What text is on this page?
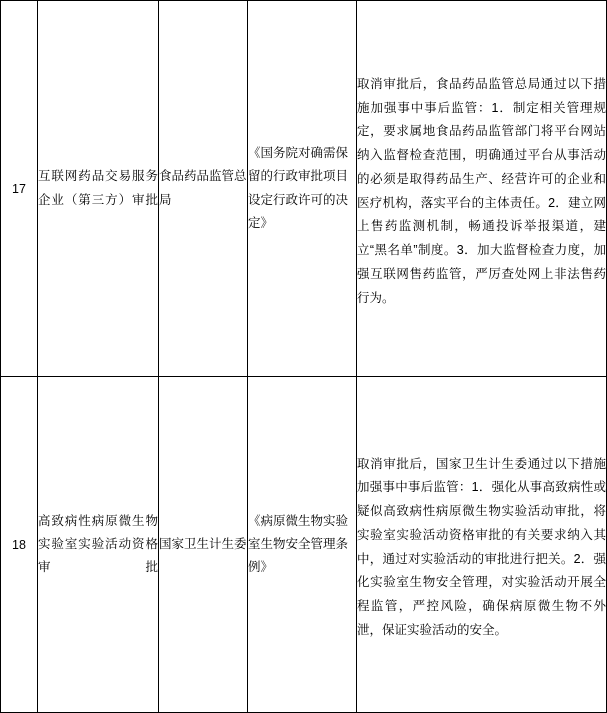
17	互联网药品交易服务企业（第三方）审批	食品药品监管总局	《国务院对确需保留的行政审批项目设定行政许可的决定》	取消审批后，食品药品监管总局通过以下措施加强事中事后监管：1．制定相关管理规定，要求属地食品药品监管部门将平台网站纳入监督检查范围，明确通过平台从事活动的必须是取得药品生产、经营许可的企业和医疗机构，落实平台的主体责任。2．建立网上售药监测机制，畅通投诉举报渠道，建立“黑名单”制度。3．加大监督检查力度，加强互联网售药监管，严厉查处网上非法售药行为。

18	高致病性病原微生物实验室实验活动资格审批	国家卫生计生委	《病原微生物实验室生物安全管理条例》	取消审批后，国家卫生计生委通过以下措施加强事中事后监管：1．强化从事高致病性或疑似高致病性病原微生物实验活动审批，将实验室实验活动资格审批的有关要求纳入其中，通过对实验活动的审批进行把关。2．强化实验室生物安全管理，对实验活动开展全程监管，严控风险，确保病原微生物不外泄，保证实验活动的安全。
